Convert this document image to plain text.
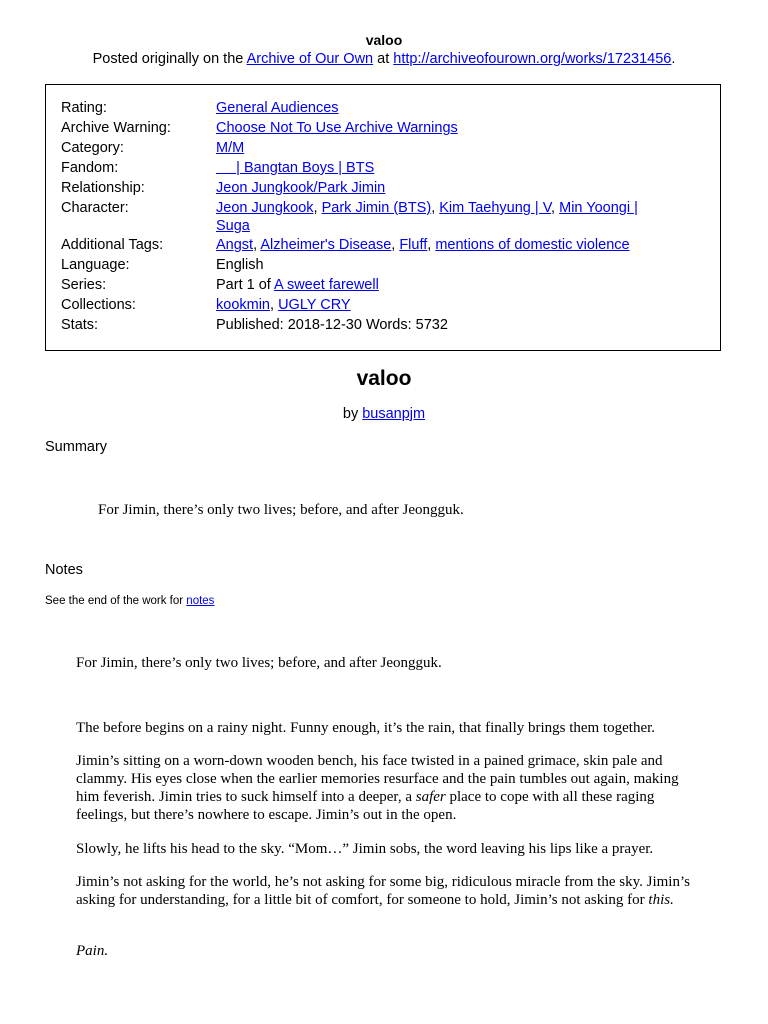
valoo
Posted originally on the Archive of Our Own at http://archiveofourown.org/works/17231456.
Rating:	General Audiences
Archive Warning:	Choose Not To Use Archive Warnings
Category:	M/M
Fandom:	| Bangtan Boys | BTS
Relationship:	Jeon Jungkook/Park Jimin
Character:	Jeon Jungkook, Park Jimin (BTS), Kim Taehyung | V, Min Yoongi | Suga
Additional Tags:	Angst, Alzheimer's Disease, Fluff, mentions of domestic violence
Language:	English
Series:	Part 1 of A sweet farewell
Collections:	kookmin, UGLY CRY
Stats:	Published: 2018-12-30 Words: 5732
valoo
by busanpjm
Summary
For Jimin, there’s only two lives; before, and after Jeongguk.
Notes
See the end of the work for notes
For Jimin, there’s only two lives; before, and after Jeongguk.
The before begins on a rainy night. Funny enough, it’s the rain, that finally brings them together.
Jimin’s sitting on a worn-down wooden bench, his face twisted in a pained grimace, skin pale and clammy. His eyes close when the earlier memories resurface and the pain tumbles out again, making him feverish. Jimin tries to suck himself into a deeper, a safer place to cope with all these raging feelings, but there’s nowhere to escape. Jimin’s out in the open.
Slowly, he lifts his head to the sky. “Mom…” Jimin sobs, the word leaving his lips like a prayer.
Jimin’s not asking for the world, he’s not asking for some big, ridiculous miracle from the sky. Jimin’s asking for understanding, for a little bit of comfort, for someone to hold, Jimin’s not asking for this.
Pain.
